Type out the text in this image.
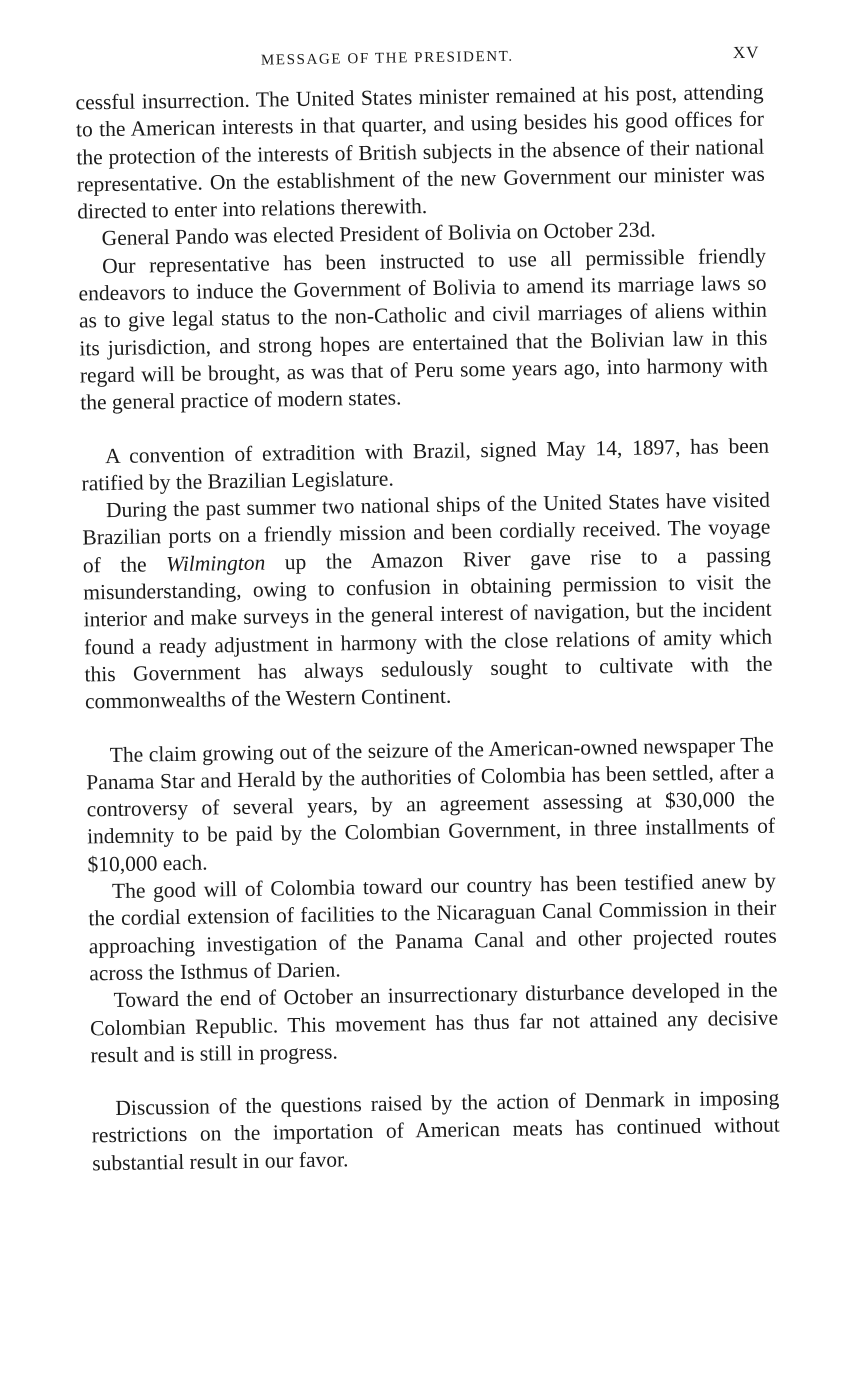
MESSAGE OF THE PRESIDENT.	XV

cessful insurrection. The United States minister remained at his post, attending to the American interests in that quarter, and using besides his good offices for the protection of the interests of British subjects in the absence of their national representative. On the establishment of the new Government our minister was directed to enter into relations therewith.

General Pando was elected President of Bolivia on October 23d.

Our representative has been instructed to use all permissible friendly endeavors to induce the Government of Bolivia to amend its marriage laws so as to give legal status to the non-Catholic and civil marriages of aliens within its jurisdiction, and strong hopes are entertained that the Bolivian law in this regard will be brought, as was that of Peru some years ago, into harmony with the general practice of modern states.

A convention of extradition with Brazil, signed May 14, 1897, has been ratified by the Brazilian Legislature.

During the past summer two national ships of the United States have visited Brazilian ports on a friendly mission and been cordially received. The voyage of the Wilmington up the Amazon River gave rise to a passing misunderstanding, owing to confusion in obtaining permission to visit the interior and make surveys in the general interest of navigation, but the incident found a ready adjustment in harmony with the close relations of amity which this Government has always sedulously sought to cultivate with the commonwealths of the Western Continent.

The claim growing out of the seizure of the American-owned newspaper The Panama Star and Herald by the authorities of Colombia has been settled, after a controversy of several years, by an agreement assessing at $30,000 the indemnity to be paid by the Colombian Government, in three installments of $10,000 each.

The good will of Colombia toward our country has been testified anew by the cordial extension of facilities to the Nicaraguan Canal Commission in their approaching investigation of the Panama Canal and other projected routes across the Isthmus of Darien.

Toward the end of October an insurrectionary disturbance developed in the Colombian Republic. This movement has thus far not attained any decisive result and is still in progress.

Discussion of the questions raised by the action of Denmark in imposing restrictions on the importation of American meats has continued without substantial result in our favor.
